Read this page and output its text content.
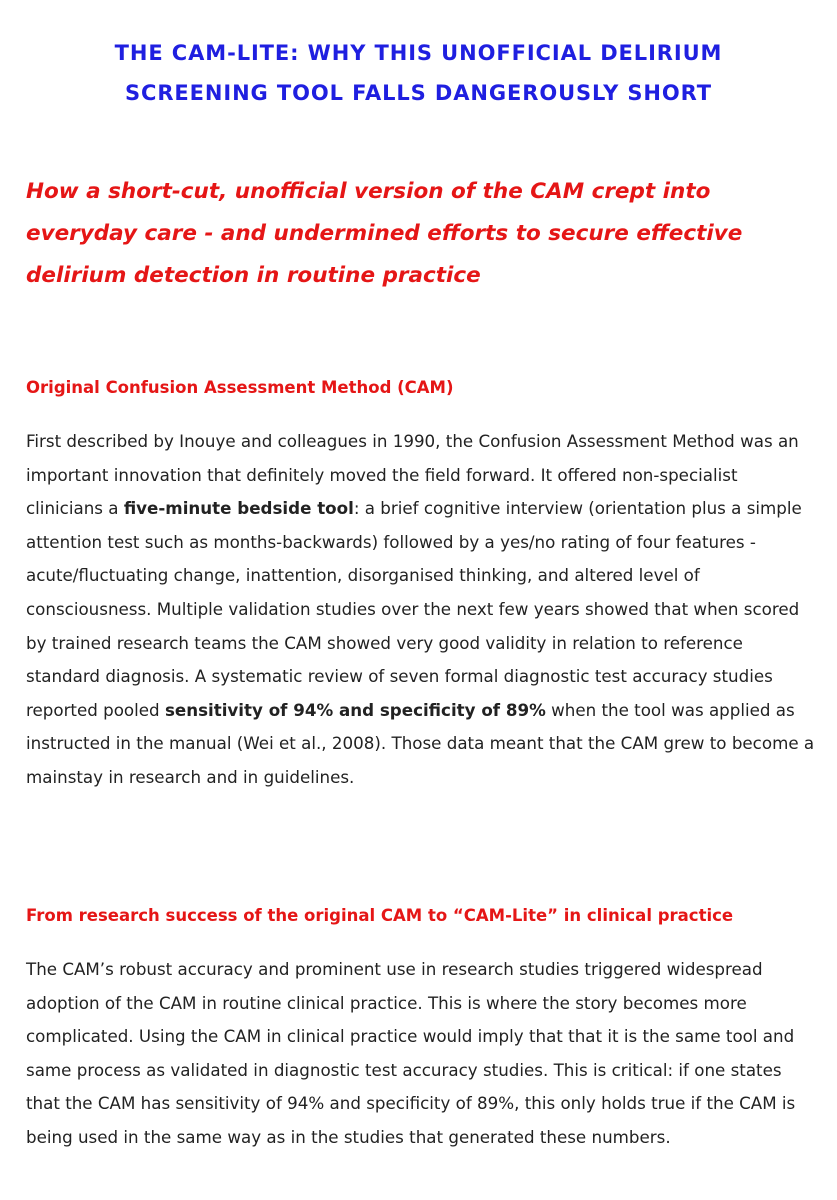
THE CAM-LITE: WHY THIS UNOFFICIAL DELIRIUM
SCREENING TOOL FALLS DANGEROUSLY SHORT

How a short-cut, unofficial version of the CAM crept into everyday care - and undermined efforts to secure effective delirium detection in routine practice

Original Confusion Assessment Method (CAM)

First described by Inouye and colleagues in 1990, the Confusion Assessment Method was an important innovation that definitely moved the field forward. It offered non-specialist clinicians a five-minute bedside tool: a brief cognitive interview (orientation plus a simple attention test such as months-backwards) followed by a yes/no rating of four features - acute/fluctuating change, inattention, disorganised thinking, and altered level of consciousness. Multiple validation studies over the next few years showed that when scored by trained research teams the CAM showed very good validity in relation to reference standard diagnosis. A systematic review of seven formal diagnostic test accuracy studies reported pooled sensitivity of 94% and specificity of 89% when the tool was applied as instructed in the manual (Wei et al., 2008). Those data meant that the CAM grew to become a mainstay in research and in guidelines.

From research success of the original CAM to “CAM-Lite” in clinical practice

The CAM’s robust accuracy and prominent use in research studies triggered widespread adoption of the CAM in routine clinical practice. This is where the story becomes more complicated. Using the CAM in clinical practice would imply that that it is the same tool and same process as validated in diagnostic test accuracy studies. This is critical: if one states that the CAM has sensitivity of 94% and specificity of 89%, this only holds true if the CAM is being used in the same way as in the studies that generated these numbers.
